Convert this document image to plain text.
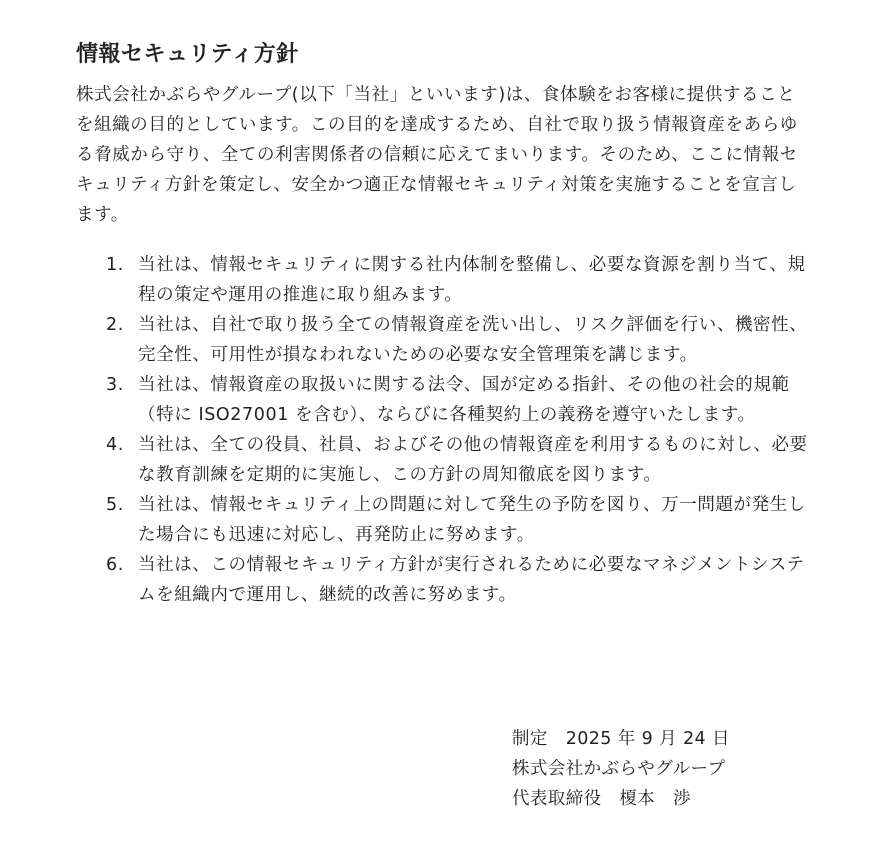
情報セキュリティ方針

株式会社かぶらやグループ(以下「当社」といいます)は、食体験をお客様に提供することを組織の目的としています。この目的を達成するため、自社で取り扱う情報資産をあらゆる脅威から守り、全ての利害関係者の信頼に応えてまいります。そのため、ここに情報セキュリティ方針を策定し、安全かつ適正な情報セキュリティ対策を実施することを宣言します。

1. 当社は、情報セキュリティに関する社内体制を整備し、必要な資源を割り当て、規程の策定や運用の推進に取り組みます。
2. 当社は、自社で取り扱う全ての情報資産を洗い出し、リスク評価を行い、機密性、完全性、可用性が損なわれないための必要な安全管理策を講じます。
3. 当社は、情報資産の取扱いに関する法令、国が定める指針、その他の社会的規範（特に ISO27001 を含む）、ならびに各種契約上の義務を遵守いたします。
4. 当社は、全ての役員、社員、およびその他の情報資産を利用するものに対し、必要な教育訓練を定期的に実施し、この方針の周知徹底を図ります。
5. 当社は、情報セキュリティ上の問題に対して発生の予防を図り、万一問題が発生した場合にも迅速に対応し、再発防止に努めます。
6. 当社は、この情報セキュリティ方針が実行されるために必要なマネジメントシステムを組織内で運用し、継続的改善に努めます。
制定　2025 年 9 月 24 日
株式会社かぶらやグループ
代表取締役　榎本　渉
